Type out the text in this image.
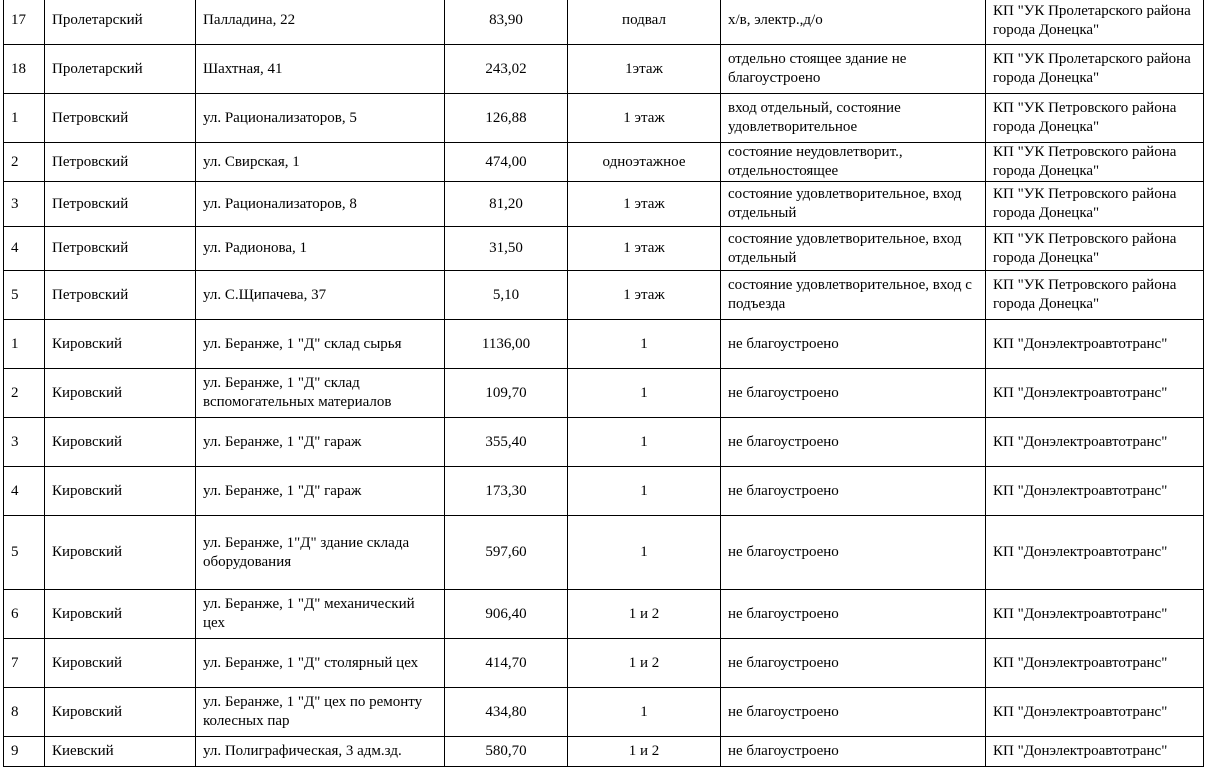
17	Пролетарский	Палладина, 22	83,90	подвал	х/в, электр.,д/о	КП "УК Пролетарского района города Донецка"
18	Пролетарский	Шахтная, 41	243,02	1этаж	отдельно стоящее здание не благоустроено	КП "УК Пролетарского района города Донецка"
1	Петровский	ул. Рационализаторов, 5	126,88	1 этаж	вход отдельный, состояние удовлетворительное	КП "УК Петровского района города Донецка"
2	Петровский	ул. Свирская, 1	474,00	одноэтажное	состояние неудовлетворит., отдельностоящее	КП "УК Петровского района города Донецка"
3	Петровский	ул. Рационализаторов, 8	81,20	1 этаж	состояние удовлетворительное, вход отдельный	КП "УК Петровского района города Донецка"
4	Петровский	ул. Радионова, 1	31,50	1 этаж	состояние удовлетворительное, вход отдельный	КП "УК Петровского района города Донецка"
5	Петровский	ул. С.Щипачева, 37	5,10	1 этаж	состояние удовлетворительное, вход с подъезда	КП "УК Петровского района города Донецка"
1	Кировский	ул. Беранже, 1 "Д" склад сырья	1136,00	1	не благоустроено	КП "Донэлектроавтотранс"
2	Кировский	ул. Беранже, 1 "Д" склад вспомогательных материалов	109,70	1	не благоустроено	КП "Донэлектроавтотранс"
3	Кировский	ул. Беранже, 1 "Д" гараж	355,40	1	не благоустроено	КП "Донэлектроавтотранс"
4	Кировский	ул. Беранже, 1 "Д" гараж	173,30	1	не благоустроено	КП "Донэлектроавтотранс"
5	Кировский	ул. Беранже, 1"Д" здание склада оборудования	597,60	1	не благоустроено	КП "Донэлектроавтотранс"
6	Кировский	ул. Беранже, 1 "Д" механический цех	906,40	1 и 2	не благоустроено	КП "Донэлектроавтотранс"
7	Кировский	ул. Беранже, 1 "Д" столярный цех	414,70	1 и 2	не благоустроено	КП "Донэлектроавтотранс"
8	Кировский	ул. Беранже, 1 "Д" цех по ремонту колесных пар	434,80	1	не благоустроено	КП "Донэлектроавтотранс"
9	Киевский	ул. Полиграфическая, 3 адм.зд.	580,70	1 и 2	не благоустроено	КП "Донэлектроавтотранс"
